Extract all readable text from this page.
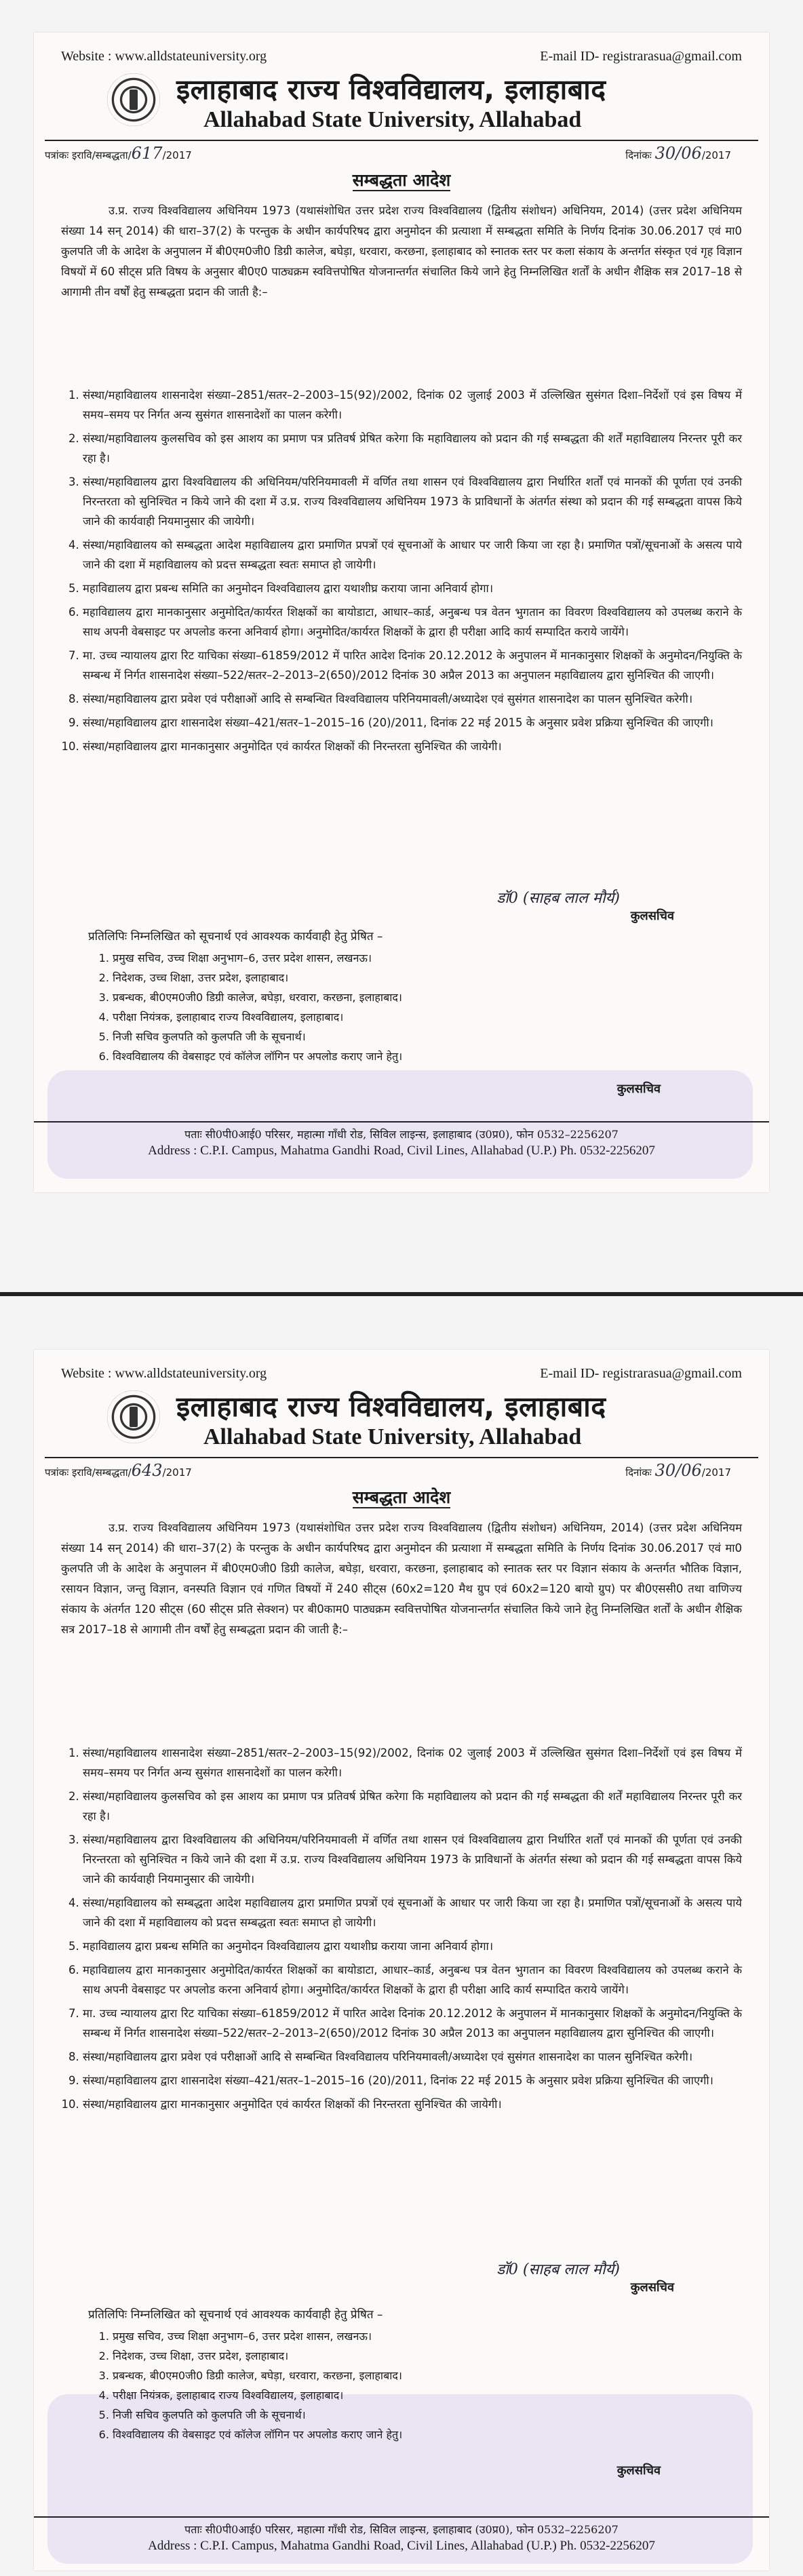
Website : www.alldstateuniversity.org	E-mail ID- registrarasua@gmail.com
इलाहाबाद राज्य विश्वविद्यालय, इलाहाबाद
Allahabad State University, Allahabad
पत्रांकः इरावि/सम्बद्धता/617/2017	दिनांकः 30/06/2017
सम्बद्धता आदेश
उ.प्र. राज्य विश्वविद्यालय अधिनियम 1973 (यथासंशोधित उत्तर प्रदेश राज्य विश्वविद्यालय (द्वितीय संशोधन) अधिनियम, 2014) (उत्तर प्रदेश अधिनियम संख्या 14 सन् 2014) की धारा–37(2) के परन्तुक के अधीन कार्यपरिषद द्वारा अनुमोदन की प्रत्याशा में सम्बद्धता समिति के निर्णय दिनांक 30.06.2017 एवं मा0 कुलपति जी के आदेश के अनुपालन में बी0एम0जी0 डिग्री कालेज, बघेड़ा, धरवारा, करछना, इलाहाबाद को स्नातक स्तर पर कला संकाय के अन्तर्गत संस्कृत एवं गृह विज्ञान विषयों में 60 सीट्स प्रति विषय के अनुसार बी0ए0 पाठ्यक्रम स्ववित्तपोषित योजनान्तर्गत संचालित किये जाने हेतु निम्नलिखित शर्तों के अधीन शैक्षिक सत्र 2017–18 से आगामी तीन वर्षों हेतु सम्बद्धता प्रदान की जाती है:–
1. संस्था/महाविद्यालय शासनादेश संख्या–2851/सतर–2–2003–15(92)/2002, दिनांक 02 जुलाई 2003 में उल्लिखित सुसंगत दिशा–निर्देशों एवं इस विषय में समय–समय पर निर्गत अन्य सुसंगत शासनादेशों का पालन करेगी।
2. संस्था/महाविद्यालय कुलसचिव को इस आशय का प्रमाण पत्र प्रतिवर्ष प्रेषित करेगा कि महाविद्यालय को प्रदान की गई सम्बद्धता की शर्तें महाविद्यालय निरन्तर पूरी कर रहा है।
3. संस्था/महाविद्यालय द्वारा विश्वविद्यालय की अधिनियम/परिनियमावली में वर्णित तथा शासन एवं विश्वविद्यालय द्वारा निर्धारित शर्तों एवं मानकों की पूर्णता एवं उनकी निरन्तरता को सुनिश्चित न किये जाने की दशा में उ.प्र. राज्य विश्वविद्यालय अधिनियम 1973 के प्राविधानों के अंतर्गत संस्था को प्रदान की गई सम्बद्धता वापस किये जाने की कार्यवाही नियमानुसार की जायेगी।
4. संस्था/महाविद्यालय को सम्बद्धता आदेश महाविद्यालय द्वारा प्रमाणित प्रपत्रों एवं सूचनाओं के आधार पर जारी किया जा रहा है। प्रमाणित पत्रों/सूचनाओं के असत्य पाये जाने की दशा में महाविद्यालय को प्रदत्त सम्बद्धता स्वतः समाप्त हो जायेगी।
5. महाविद्यालय द्वारा प्रबन्ध समिति का अनुमोदन विश्वविद्यालय द्वारा यथाशीघ्र कराया जाना अनिवार्य होगा।
6. महाविद्यालय द्वारा मानकानुसार अनुमोदित/कार्यरत शिक्षकों का बायोडाटा, आधार–कार्ड, अनुबन्ध पत्र वेतन भुगतान का विवरण विश्वविद्यालय को उपलब्ध कराने के साथ अपनी वेबसाइट पर अपलोड करना अनिवार्य होगा। अनुमोदित/कार्यरत शिक्षकों के द्वारा ही परीक्षा आदि कार्य सम्पादित कराये जायेंगे।
7. मा. उच्च न्यायालय द्वारा रिट याचिका संख्या–61859/2012 में पारित आदेश दिनांक 20.12.2012 के अनुपालन में मानकानुसार शिक्षकों के अनुमोदन/नियुक्ति के सम्बन्ध में निर्गत शासनादेश संख्या–522/सतर–2–2013–2(650)/2012 दिनांक 30 अप्रैल 2013 का अनुपालन महाविद्यालय द्वारा सुनिश्चित की जाएगी।
8. संस्था/महाविद्यालय द्वारा प्रवेश एवं परीक्षाओं आदि से सम्बन्धित विश्वविद्यालय परिनियमावली/अध्यादेश एवं सुसंगत शासनादेश का पालन सुनिश्चित करेगी।
9. संस्था/महाविद्यालय द्वारा शासनादेश संख्या–421/सतर–1–2015–16 (20)/2011, दिनांक 22 मई 2015 के अनुसार प्रवेश प्रक्रिया सुनिश्चित की जाएगी।
10. संस्था/महाविद्यालय द्वारा मानकानुसार अनुमोदित एवं कार्यरत शिक्षकों की निरन्तरता सुनिश्चित की जायेगी।
डॉ0 (साहब लाल मौर्य)
कुलसचिव
प्रतिलिपिः निम्नलिखित को सूचनार्थ एवं आवश्यक कार्यवाही हेतु प्रेषित –
1. प्रमुख सचिव, उच्च शिक्षा अनुभाग–6, उत्तर प्रदेश शासन, लखनऊ।
2. निदेशक, उच्च शिक्षा, उत्तर प्रदेश, इलाहाबाद।
3. प्रबन्धक, बी0एम0जी0 डिग्री कालेज, बघेड़ा, धरवारा, करछना, इलाहाबाद।
4. परीक्षा नियंत्रक, इलाहाबाद राज्य विश्वविद्यालय, इलाहाबाद।
5. निजी सचिव कुलपति को कुलपति जी के सूचनार्थ।
6. विश्वविद्यालय की वेबसाइट एवं कॉलेज लॉगिन पर अपलोड कराए जाने हेतु।
कुलसचिव
पताः सी0पी0आई0 परिसर, महात्मा गाँधी रोड, सिविल लाइन्स, इलाहाबाद (उ0प्र0), फोन 0532–2256207
Address : C.P.I. Campus, Mahatma Gandhi Road, Civil Lines, Allahabad (U.P.) Ph. 0532-2256207
Website : www.alldstateuniversity.org	E-mail ID- registrarasua@gmail.com
इलाहाबाद राज्य विश्वविद्यालय, इलाहाबाद
Allahabad State University, Allahabad
पत्रांकः इरावि/सम्बद्धता/643/2017	दिनांकः 30/06/2017
सम्बद्धता आदेश
उ.प्र. राज्य विश्वविद्यालय अधिनियम 1973 (यथासंशोधित उत्तर प्रदेश राज्य विश्वविद्यालय (द्वितीय संशोधन) अधिनियम, 2014) (उत्तर प्रदेश अधिनियम संख्या 14 सन् 2014) की धारा–37(2) के परन्तुक के अधीन कार्यपरिषद द्वारा अनुमोदन की प्रत्याशा में सम्बद्धता समिति के निर्णय दिनांक 30.06.2017 एवं मा0 कुलपति जी के आदेश के अनुपालन में बी0एम0जी0 डिग्री कालेज, बघेड़ा, धरवारा, करछना, इलाहाबाद को स्नातक स्तर पर विज्ञान संकाय के अन्तर्गत भौतिक विज्ञान, रसायन विज्ञान, जन्तु विज्ञान, वनस्पति विज्ञान एवं गणित विषयों में 240 सीट्स (60x2=120 मैथ ग्रुप एवं 60x2=120 बायो ग्रुप) पर बी0एससी0 तथा वाणिज्य संकाय के अंतर्गत 120 सीट्स (60 सीट्स प्रति सेक्शन) पर बी0काम0 पाठ्यक्रम स्ववित्तपोषित योजनान्तर्गत संचालित किये जाने हेतु निम्नलिखित शर्तों के अधीन शैक्षिक सत्र 2017–18 से आगामी तीन वर्षों हेतु सम्बद्धता प्रदान की जाती है:–
1. संस्था/महाविद्यालय शासनादेश संख्या–2851/सतर–2–2003–15(92)/2002, दिनांक 02 जुलाई 2003 में उल्लिखित सुसंगत दिशा–निर्देशों एवं इस विषय में समय–समय पर निर्गत अन्य सुसंगत शासनादेशों का पालन करेगी।
2. संस्था/महाविद्यालय कुलसचिव को इस आशय का प्रमाण पत्र प्रतिवर्ष प्रेषित करेगा कि महाविद्यालय को प्रदान की गई सम्बद्धता की शर्तें महाविद्यालय निरन्तर पूरी कर रहा है।
3. संस्था/महाविद्यालय द्वारा विश्वविद्यालय की अधिनियम/परिनियमावली में वर्णित तथा शासन एवं विश्वविद्यालय द्वारा निर्धारित शर्तों एवं मानकों की पूर्णता एवं उनकी निरन्तरता को सुनिश्चित न किये जाने की दशा में उ.प्र. राज्य विश्वविद्यालय अधिनियम 1973 के प्राविधानों के अंतर्गत संस्था को प्रदान की गई सम्बद्धता वापस किये जाने की कार्यवाही नियमानुसार की जायेगी।
4. संस्था/महाविद्यालय को सम्बद्धता आदेश महाविद्यालय द्वारा प्रमाणित प्रपत्रों एवं सूचनाओं के आधार पर जारी किया जा रहा है। प्रमाणित पत्रों/सूचनाओं के असत्य पाये जाने की दशा में महाविद्यालय को प्रदत्त सम्बद्धता स्वतः समाप्त हो जायेगी।
5. महाविद्यालय द्वारा प्रबन्ध समिति का अनुमोदन विश्वविद्यालय द्वारा यथाशीघ्र कराया जाना अनिवार्य होगा।
6. महाविद्यालय द्वारा मानकानुसार अनुमोदित/कार्यरत शिक्षकों का बायोडाटा, आधार–कार्ड, अनुबन्ध पत्र वेतन भुगतान का विवरण विश्वविद्यालय को उपलब्ध कराने के साथ अपनी वेबसाइट पर अपलोड करना अनिवार्य होगा। अनुमोदित/कार्यरत शिक्षकों के द्वारा ही परीक्षा आदि कार्य सम्पादित कराये जायेंगे।
7. मा. उच्च न्यायालय द्वारा रिट याचिका संख्या–61859/2012 में पारित आदेश दिनांक 20.12.2012 के अनुपालन में मानकानुसार शिक्षकों के अनुमोदन/नियुक्ति के सम्बन्ध में निर्गत शासनादेश संख्या–522/सतर–2–2013–2(650)/2012 दिनांक 30 अप्रैल 2013 का अनुपालन महाविद्यालय द्वारा सुनिश्चित की जाएगी।
8. संस्था/महाविद्यालय द्वारा प्रवेश एवं परीक्षाओं आदि से सम्बन्धित विश्वविद्यालय परिनियमावली/अध्यादेश एवं सुसंगत शासनादेश का पालन सुनिश्चित करेगी।
9. संस्था/महाविद्यालय द्वारा शासनादेश संख्या–421/सतर–1–2015–16 (20)/2011, दिनांक 22 मई 2015 के अनुसार प्रवेश प्रक्रिया सुनिश्चित की जाएगी।
10. संस्था/महाविद्यालय द्वारा मानकानुसार अनुमोदित एवं कार्यरत शिक्षकों की निरन्तरता सुनिश्चित की जायेगी।
डॉ0 (साहब लाल मौर्य)
कुलसचिव
प्रतिलिपिः निम्नलिखित को सूचनार्थ एवं आवश्यक कार्यवाही हेतु प्रेषित –
1. प्रमुख सचिव, उच्च शिक्षा अनुभाग–6, उत्तर प्रदेश शासन, लखनऊ।
2. निदेशक, उच्च शिक्षा, उत्तर प्रदेश, इलाहाबाद।
3. प्रबन्धक, बी0एम0जी0 डिग्री कालेज, बघेड़ा, धरवारा, करछना, इलाहाबाद।
4. परीक्षा नियंत्रक, इलाहाबाद राज्य विश्वविद्यालय, इलाहाबाद।
5. निजी सचिव कुलपति को कुलपति जी के सूचनार्थ।
6. विश्वविद्यालय की वेबसाइट एवं कॉलेज लॉगिन पर अपलोड कराए जाने हेतु।
कुलसचिव
पताः सी0पी0आई0 परिसर, महात्मा गाँधी रोड, सिविल लाइन्स, इलाहाबाद (उ0प्र0), फोन 0532–2256207
Address : C.P.I. Campus, Mahatma Gandhi Road, Civil Lines, Allahabad (U.P.) Ph. 0532-2256207
